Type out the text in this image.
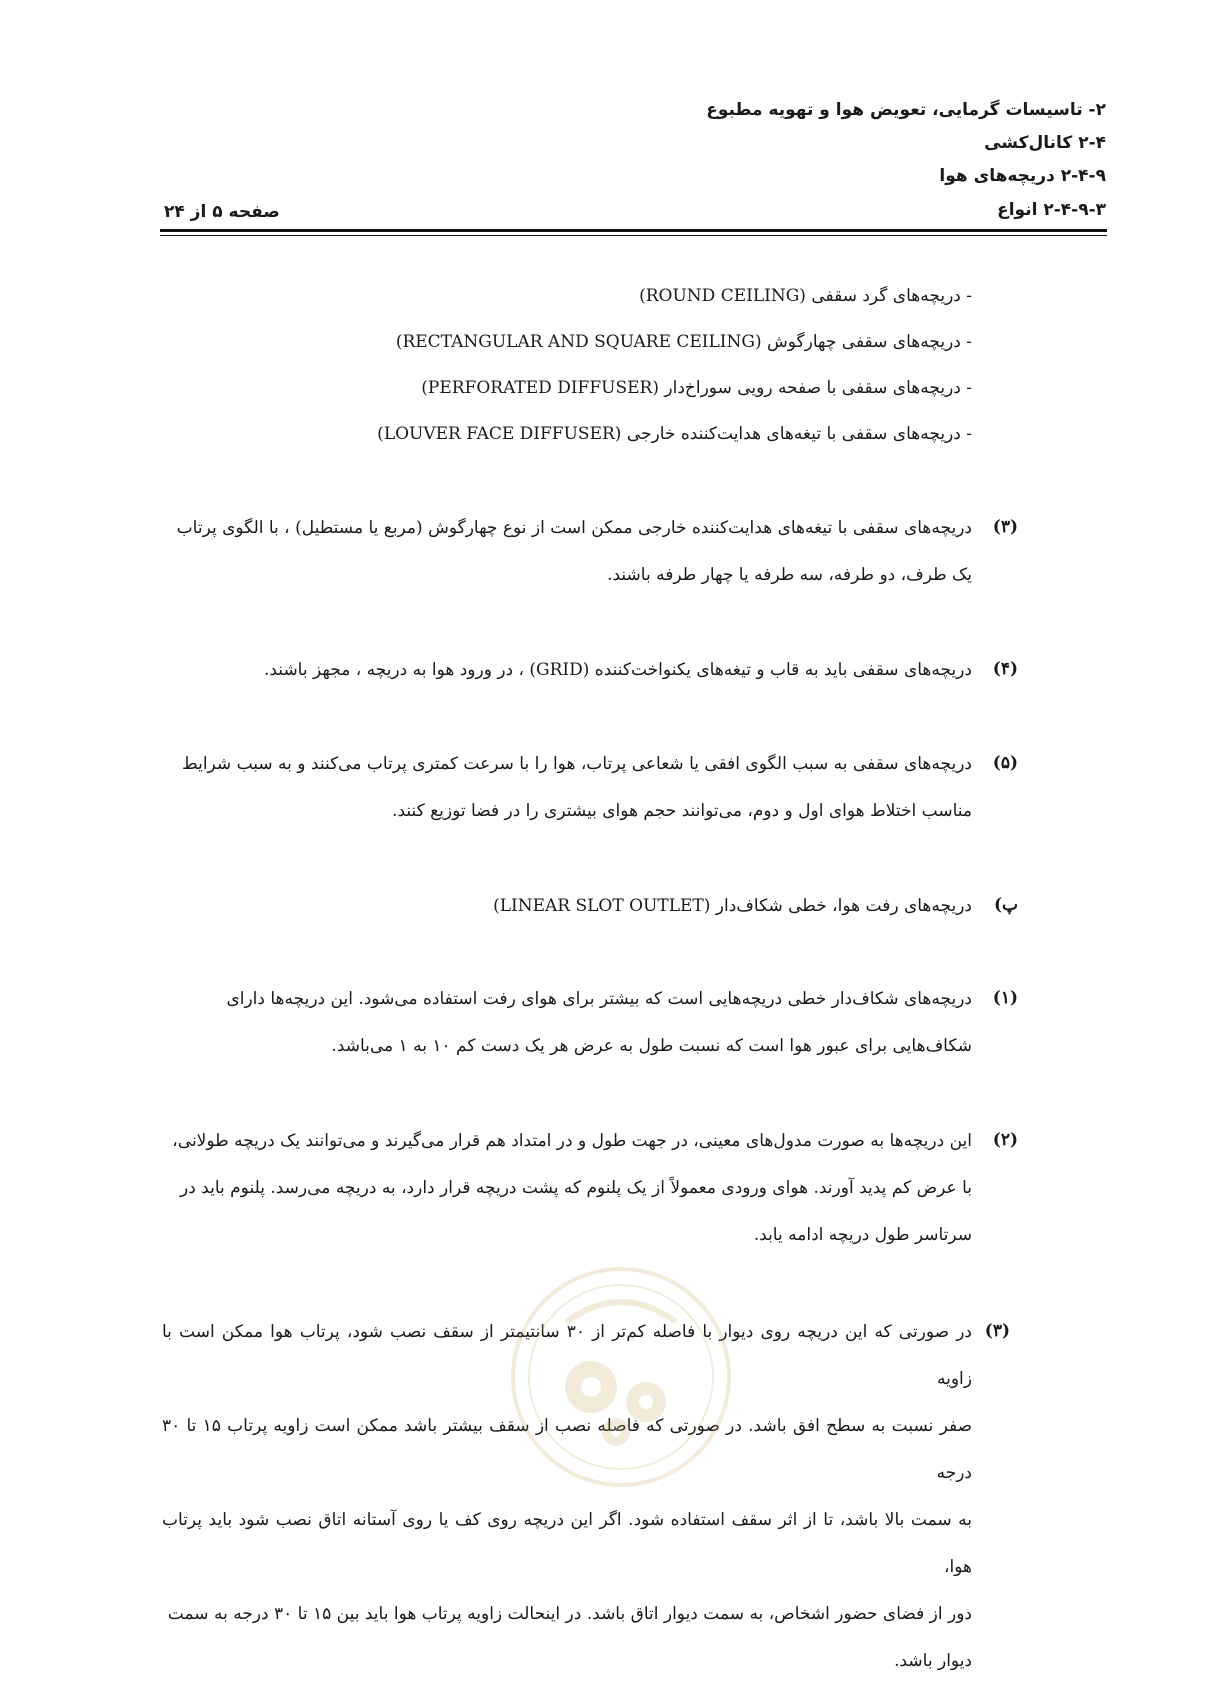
۲- تاسیسات گرمایی، تعویض هوا و تهویه مطبوع
۲-۴ کانال‌کشی
۲-۴-۹ دریچه‌های هوا
۲-۴-۹-۳ انواع
صفحه ۵ از ۲۴
- دریچه‌های گرد سقفی (ROUND CEILING)
- دریچه‌های سقفی چهارگوش (RECTANGULAR AND SQUARE CEILING)
- دریچه‌های سقفی با صفحه رویی سوراخ‌دار (PERFORATED DIFFUSER)
- دریچه‌های سقفی با تیغه‌های هدایت‌کننده خارجی (LOUVER FACE DIFFUSER)
(۳)

دریچه‌های سقفی با تیغه‌های هدایت‌کننده خارجی ممکن است از نوع چهارگوش (مربع یا مستطیل) ، با الگوی پرتاب

یک طرف، دو طرفه، سه طرفه یا چهار طرفه باشند.

(۴)

دریچه‌های سقفی باید به قاب و تیغه‌های یکنواخت‌کننده (GRID) ، در ورود هوا به دریچه ، مجهز باشند.

(۵)

دریچه‌های سقفی به سبب الگوی افقی یا شعاعی پرتاب، هوا را با سرعت کمتری پرتاب می‌کنند و به سبب شرایط

مناسب اختلاط هوای اول و دوم، می‌توانند حجم هوای بیشتری را در فضا توزیع کنند.

پ)

دریچه‌های رفت هوا، خطی شکاف‌دار (LINEAR SLOT OUTLET)

(۱)

دریچه‌های شکاف‌دار خطی دریچه‌هایی است که بیشتر برای هوای رفت استفاده می‌شود. این دریچه‌ها دارای

شکاف‌هایی برای عبور هوا است که نسبت طول به عرض هر یک دست کم ۱۰ به ۱ می‌باشد.

(۲)

این دریچه‌ها به صورت مدول‌های معینی، در جهت طول و در امتداد هم قرار می‌گیرند و می‌توانند یک دریچه طولانی،

با عرض کم پدید آورند. هوای ورودی معمولاً از یک پلنوم که پشت دریچه قرار دارد، به دریچه می‌رسد. پلنوم باید در

سرتاسر طول دریچه ادامه یابد.

(۳)

در صورتی که این دریچه روی دیوار با فاصله کم‌تر از ۳۰ سانتیمتر از سقف نصب شود، پرتاب هوا ممکن است با زاویه

صفر نسبت به سطح افق باشد. در صورتی که فاصله نصب از سقف بیشتر باشد ممکن است زاویه پرتاب ۱۵ تا ۳۰ درجه

به سمت بالا باشد، تا از اثر سقف استفاده شود. اگر این دریچه روی کف یا روی آستانه اتاق نصب شود باید پرتاب هوا،

دور از فضای حضور اشخاص، به سمت دیوار اتاق باشد. در اینحالت زاویه پرتاب هوا باید بین ۱۵ تا ۳۰ درجه به سمت

دیوار باشد.
